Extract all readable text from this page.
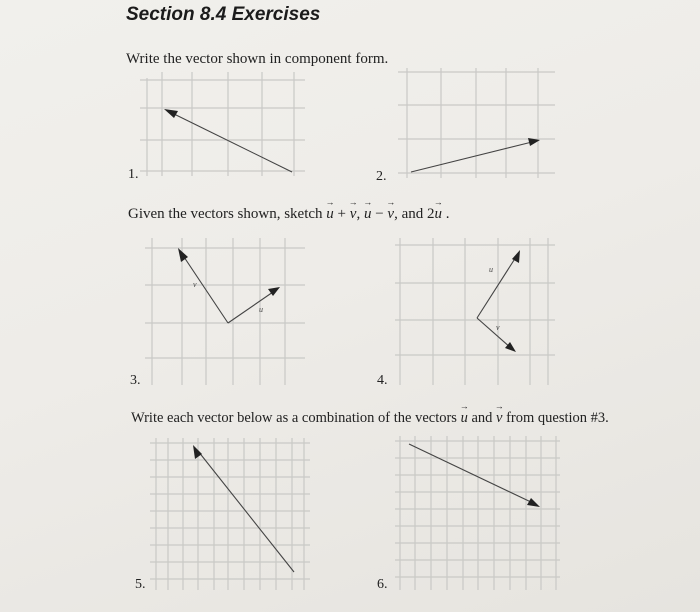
Section 8.4 Exercises
Write the vector shown in component form.
Given the vectors shown, sketch → u + → v, → u − → v, and 2→ u .
Write each vector below as a combination of the vectors → u and → v from question #3.
1.	2.
3.	4.
5.	6.
v
u
u
v
